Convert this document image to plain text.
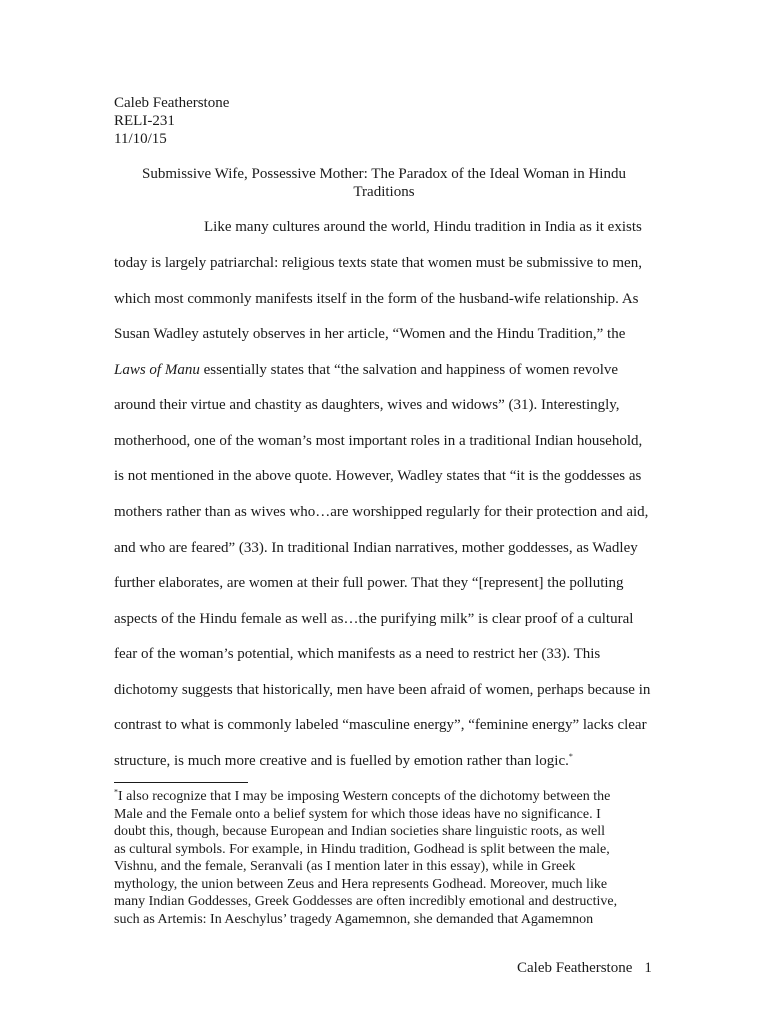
Caleb Featherstone
RELI-231
11/10/15
Submissive Wife, Possessive Mother: The Paradox of the Ideal Woman in Hindu
Traditions
Like many cultures around the world, Hindu tradition in India as it exists
today is largely patriarchal: religious texts state that women must be submissive to men,
which most commonly manifests itself in the form of the husband-wife relationship. As
Susan Wadley astutely observes in her article, “Women and the Hindu Tradition,” the
Laws of Manu essentially states that “the salvation and happiness of women revolve
around their virtue and chastity as daughters, wives and widows” (31). Interestingly,
motherhood, one of the woman’s most important roles in a traditional Indian household,
is not mentioned in the above quote. However, Wadley states that “it is the goddesses as
mothers rather than as wives who…are worshipped regularly for their protection and aid,
and who are feared” (33). In traditional Indian narratives, mother goddesses, as Wadley
further elaborates, are women at their full power. That they “[represent] the polluting
aspects of the Hindu female as well as…the purifying milk” is clear proof of a cultural
fear of the woman’s potential, which manifests as a need to restrict her (33). This
dichotomy suggests that historically, men have been afraid of women, perhaps because in
contrast to what is commonly labeled “masculine energy”, “feminine energy” lacks clear
structure, is much more creative and is fuelled by emotion rather than logic.*
*I also recognize that I may be imposing Western concepts of the dichotomy between the
Male and the Female onto a belief system for which those ideas have no significance. I
doubt this, though, because European and Indian societies share linguistic roots, as well
as cultural symbols. For example, in Hindu tradition, Godhead is split between the male,
Vishnu, and the female, Seranvali (as I mention later in this essay), while in Greek
mythology, the union between Zeus and Hera represents Godhead. Moreover, much like
many Indian Goddesses, Greek Goddesses are often incredibly emotional and destructive,
such as Artemis: In Aeschylus’ tragedy Agamemnon, she demanded that Agamemnon
Caleb Featherstone 1
